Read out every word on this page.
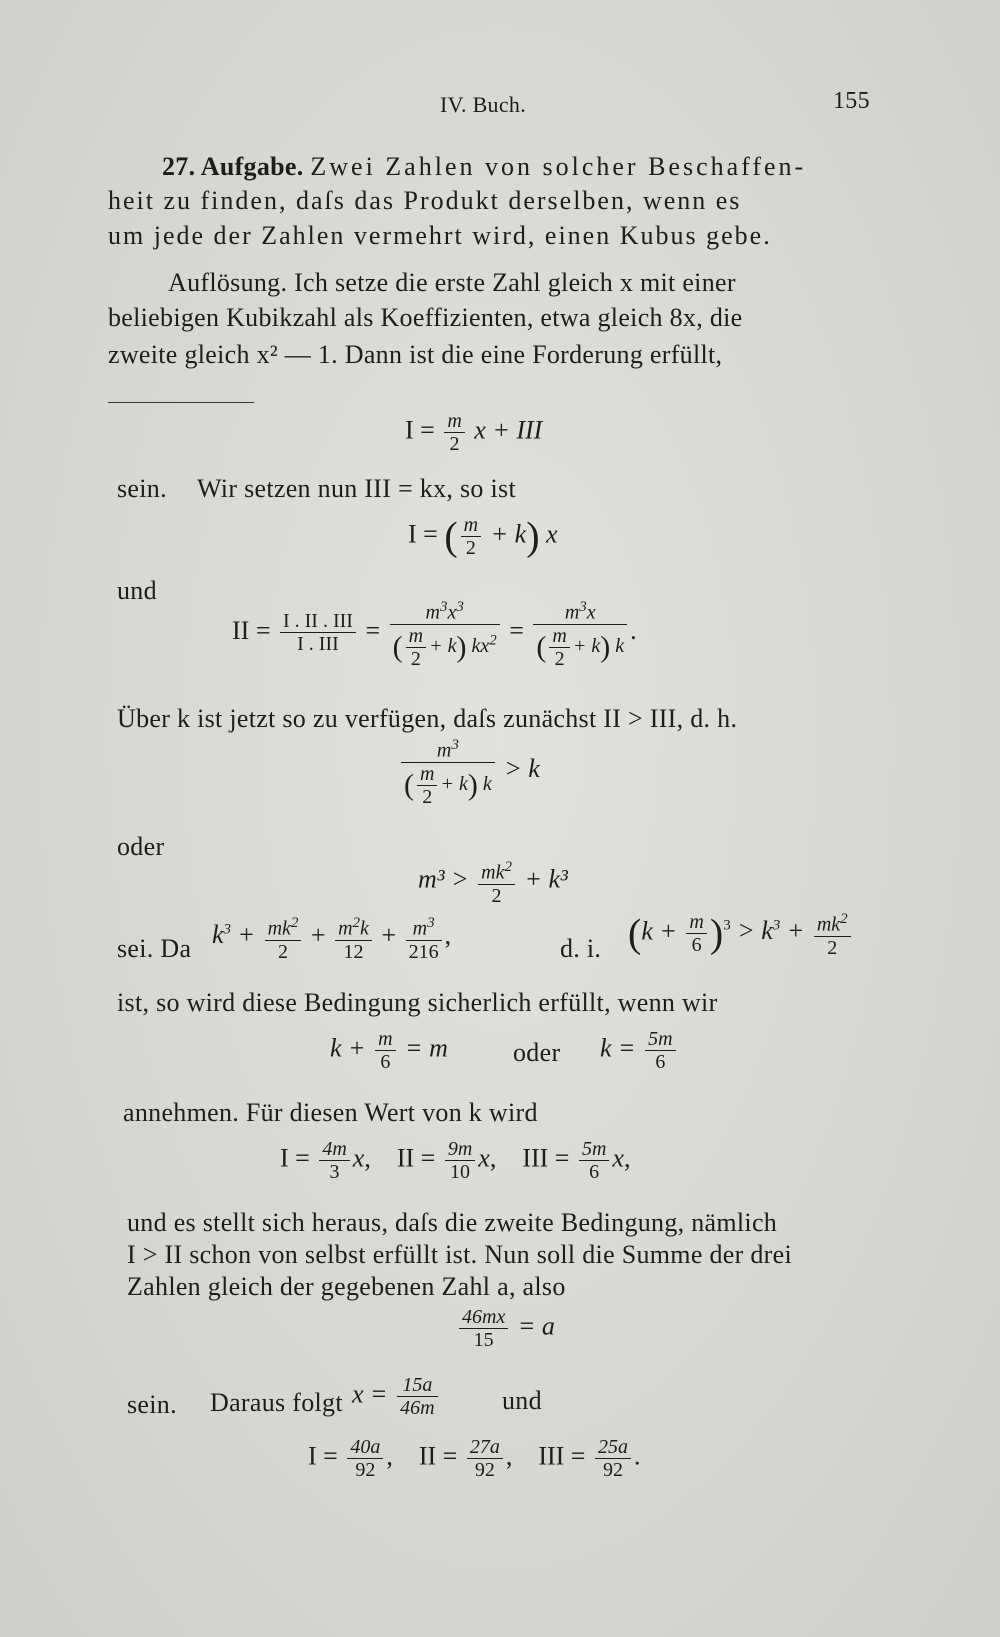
IV. Buch.	155
27. Aufgabe. Zwei Zahlen von solcher Beschaffen-
heit zu finden, daſs das Produkt derselben, wenn es
um jede der Zahlen vermehrt wird, einen Kubus gebe.
Auflösung. Ich setze die erste Zahl gleich x mit einer
beliebigen Kubikzahl als Koeffizienten, etwa gleich 8x, die
zweite gleich x² — 1. Dann ist die eine Forderung erfüllt,
$I = \frac{m}{2}$ x + III
sein. Wir setzen nun III = kx, so ist
I = ( $\frac{m}{2} + k$) x
und
II = $\frac{\text{I . II . III}}{\text{I . III}} = \frac{m^3x^3}{( \frac{m}{2} + k) kx^2} = \frac{m^3x}{( \frac{m}{2} + k) k}$ .
Über k ist jetzt so zu verfügen, daſs zunächst II > III, d. h.
$\frac{m^3}{( \frac{m}{2} + k) k} > k$
oder
$m^3 > \frac{mk^2}{2} + k^3$
sei. Da $k^3 + \frac{mk^2}{2} + \frac{m^2k}{12} + \frac{m^3}{216}$ ,	d. i. $(k + \frac{m}{6} )^3 > k^3 + \frac{mk^2}{2}$
ist, so wird diese Bedingung sicherlich erfüllt, wenn wir
$k + \frac{m}{6} = m$	oder $k = \frac{5m}{6}$
annehmen. Für diesen Wert von k wird
$I = \frac{4m}{3} x$,    II = $\frac{9m}{10} x$,    III = $\frac{5m}{6} x$,
und es stellt sich heraus, daſs die zweite Bedingung, nämlich
I > II schon von selbst erfüllt ist. Nun soll die Summe der drei
Zahlen gleich der gegebenen Zahl a, also
$\frac{46mx}{15} = a$
sein. Daraus folgt $x = \frac{15a}{46m}$ und
$I = \frac{40a}{92}$ ,    II = $\frac{27a}{92}$ ,    III = $\frac{25a}{92}$ .
